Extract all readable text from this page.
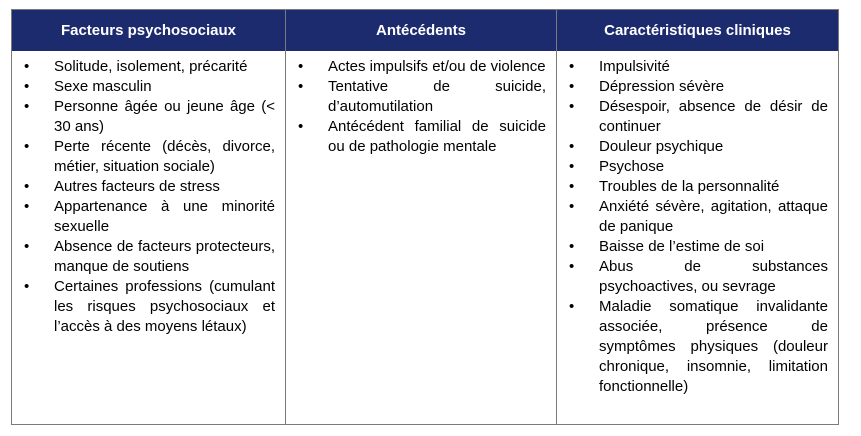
Facteurs psychosociaux
• Solitude, isolement, précarité
• Sexe masculin
• Personne âgée ou jeune âge (< 30 ans)
• Perte récente (décès, divorce, métier, situation sociale)
• Autres facteurs de stress
• Appartenance à une minorité sexuelle
• Absence de facteurs protecteurs, manque de soutiens
• Certaines professions (cumulant les risques psychosociaux et l’accès à des moyens létaux)
Antécédents
• Actes impulsifs et/ou de violence
• Tentative de suicide, d’automutilation
• Antécédent familial de suicide ou de pathologie mentale
Caractéristiques cliniques
• Impulsivité
• Dépression sévère
• Désespoir, absence de désir de continuer
• Douleur psychique
• Psychose
• Troubles de la personnalité
• Anxiété sévère, agitation, attaque de panique
• Baisse de l’estime de soi
• Abus de substances psychoactives, ou sevrage
• Maladie somatique invalidante associée, présence de symptômes physiques (douleur chronique, insomnie, limitation fonctionnelle)
